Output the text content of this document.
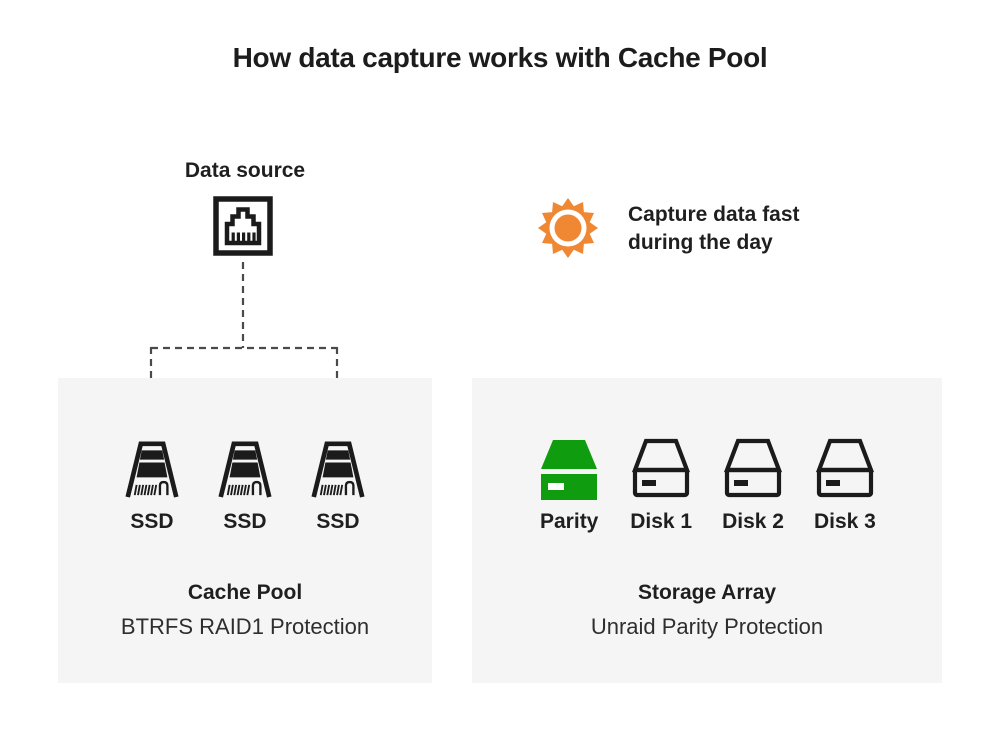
How data capture works with Cache Pool
Data source
Capture data fast
during the day
SSD SSD SSD
Cache Pool
BTRFS RAID1 Protection
Parity Disk 1 Disk 2 Disk 3
Storage Array
Unraid Parity Protection
